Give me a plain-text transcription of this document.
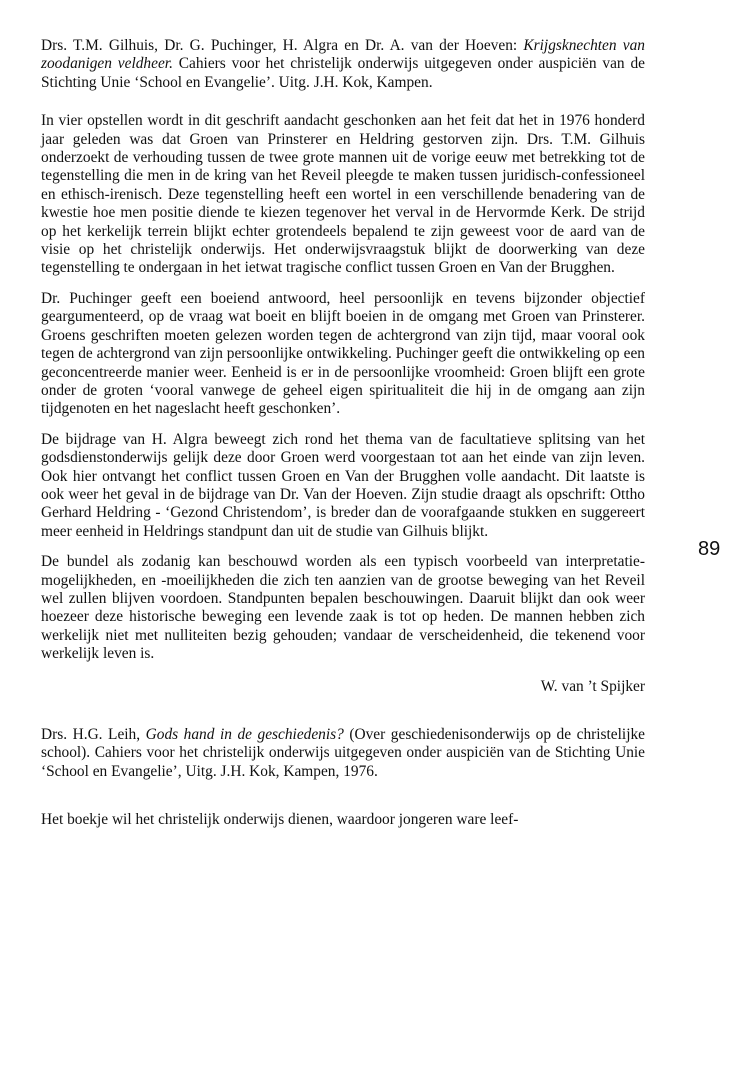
Drs. T.M. Gilhuis, Dr. G. Puchinger, H. Algra en Dr. A. van der Hoeven: Krijgsknechten van zoodanigen veldheer. Cahiers voor het christelijk onderwijs uitgegeven onder auspiciën van de Stichting Unie ‘School en Evangelie’. Uitg. J.H. Kok, Kampen.

In vier opstellen wordt in dit geschrift aandacht geschonken aan het feit dat het in 1976 honderd jaar geleden was dat Groen van Prinsterer en Heldring gestorven zijn. Drs. T.M. Gilhuis onderzoekt de verhouding tussen de twee grote mannen uit de vorige eeuw met betrekking tot de tegenstelling die men in de kring van het Reveil pleegde te maken tussen juridisch-confessioneel en ethisch-irenisch. Deze tegenstelling heeft een wortel in een verschillende benadering van de kwestie hoe men positie diende te kiezen tegenover het verval in de Hervormde Kerk. De strijd op het kerkelijk terrein blijkt echter grotendeels bepalend te zijn geweest voor de aard van de visie op het christelijk onderwijs. Het onderwijsvraagstuk blijkt de doorwerking van deze tegenstelling te ondergaan in het ietwat tragische conflict tussen Groen en Van der Brugghen.

Dr. Puchinger geeft een boeiend antwoord, heel persoonlijk en tevens bijzonder objectief geargumenteerd, op de vraag wat boeit en blijft boeien in de omgang met Groen van Prinsterer. Groens geschriften moeten gelezen worden tegen de achtergrond van zijn tijd, maar vooral ook tegen de achtergrond van zijn persoonlijke ontwikkeling. Puchinger geeft die ontwikkeling op een geconcentreerde manier weer. Eenheid is er in de persoonlijke vroomheid: Groen blijft een grote onder de groten ‘vooral vanwege de geheel eigen spiritualiteit die hij in de omgang aan zijn tijdgenoten en het nageslacht heeft geschonken’.

De bijdrage van H. Algra beweegt zich rond het thema van de facultatieve splitsing van het godsdienstonderwijs gelijk deze door Groen werd voorgestaan tot aan het einde van zijn leven. Ook hier ontvangt het conflict tussen Groen en Van der Brugghen volle aandacht. Dit laatste is ook weer het geval in de bijdrage van Dr. Van der Hoeven. Zijn studie draagt als opschrift: Ottho Gerhard Heldring - ‘Gezond Christendom’, is breder dan de voorafgaande stukken en suggereert meer eenheid in Heldrings standpunt dan uit de studie van Gilhuis blijkt.

De bundel als zodanig kan beschouwd worden als een typisch voorbeeld van interpretatie-mogelijkheden, en -moeilijkheden die zich ten aanzien van de grootse beweging van het Reveil wel zullen blijven voordoen. Standpunten bepalen beschouwingen. Daaruit blijkt dan ook weer hoezeer deze historische beweging een levende zaak is tot op heden. De mannen hebben zich werkelijk niet met nulliteiten bezig gehouden; vandaar de verscheidenheid, die tekenend voor werkelijk leven is.

W. van ’t Spijker

Drs. H.G. Leih, Gods hand in de geschiedenis? (Over geschiedenisonderwijs op de christelijke school). Cahiers voor het christelijk onderwijs uitgegeven onder auspiciën van de Stichting Unie ‘School en Evangelie’, Uitg. J.H. Kok, Kampen, 1976.

Het boekje wil het christelijk onderwijs dienen, waardoor jongeren ware leef-

89
